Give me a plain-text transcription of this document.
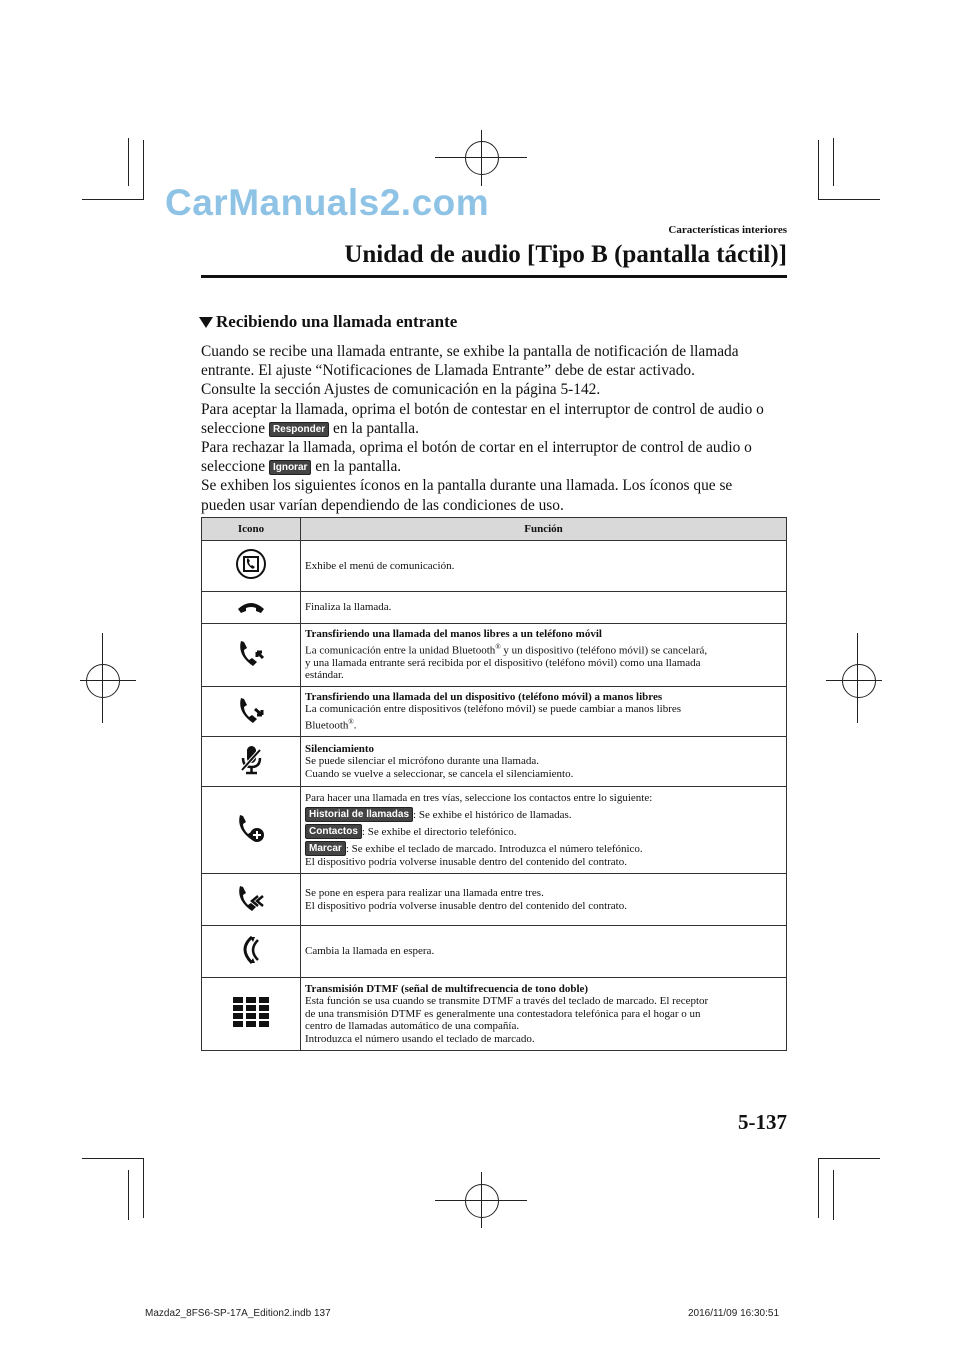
CarManuals2.com
Características interiores
Unidad de audio [Tipo B (pantalla táctil)]
Recibiendo una llamada entrante

Cuando se recibe una llamada entrante, se exhibe la pantalla de notificación de llamada

entrante. El ajuste “Notificaciones de Llamada Entrante” debe de estar activado.

Consulte la sección Ajustes de comunicación en la página 5-142.

Para aceptar la llamada, oprima el botón de contestar en el interruptor de control de audio o

seleccione Responder en la pantalla.

Para rechazar la llamada, oprima el botón de cortar en el interruptor de control de audio o

seleccione Ignorar en la pantalla.

Se exhiben los siguientes íconos en la pantalla durante una llamada. Los íconos que se

pueden usar varían dependiendo de las condiciones de uso.

Icono	Función

Exhibe el menú de comunicación.

Finaliza la llamada.

Transfiriendo una llamada del manos libres a un teléfono móvil
La comunicación entre la unidad Bluetooth® y un dispositivo (teléfono móvil) se cancelará,
y una llamada entrante será recibida por el dispositivo (teléfono móvil) como una llamada
estándar.

Transfiriendo una llamada del un dispositivo (teléfono móvil) a manos libres
La comunicación entre dispositivos (teléfono móvil) se puede cambiar a manos libres
Bluetooth®.

Silenciamiento
Se puede silenciar el micrófono durante una llamada.
Cuando se vuelve a seleccionar, se cancela el silenciamiento.

Para hacer una llamada en tres vías, seleccione los contactos entre lo siguiente:
Historial de llamadas : Se exhibe el histórico de llamadas.
Contactos : Se exhibe el directorio telefónico.
Marcar : Se exhibe el teclado de marcado. Introduzca el número telefónico.
El dispositivo podría volverse inusable dentro del contenido del contrato.

Se pone en espera para realizar una llamada entre tres.
El dispositivo podría volverse inusable dentro del contenido del contrato.

Cambia la llamada en espera.

Transmisión DTMF (señal de multifrecuencia de tono doble)
Esta función se usa cuando se transmite DTMF a través del teclado de marcado. El receptor
de una transmisión DTMF es generalmente una contestadora telefónica para el hogar o un
centro de llamadas automático de una compañía.
Introduzca el número usando el teclado de marcado.
5-137
Mazda2_8FS6-SP-17A_Edition2.indb 137	2016/11/09 16:30:51
